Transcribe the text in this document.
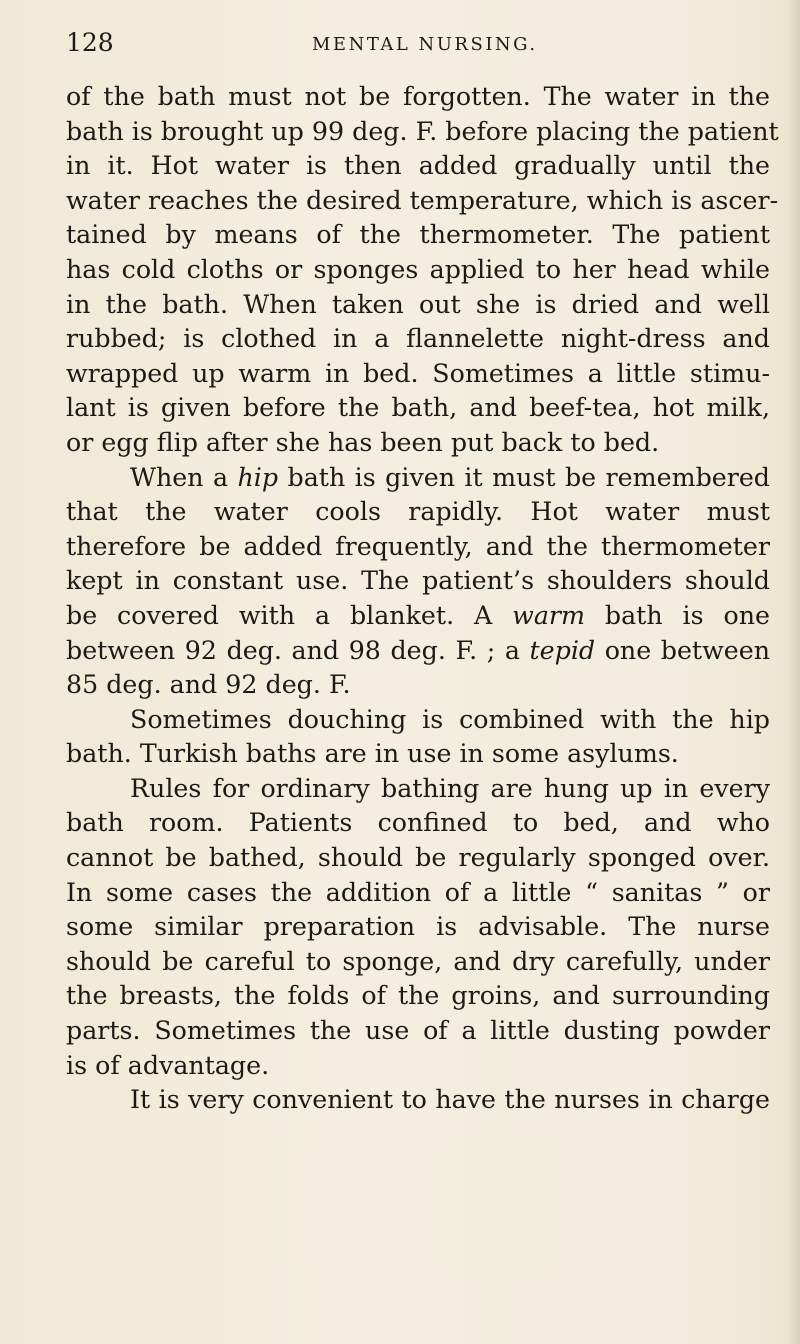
128	MENTAL NURSING.
of the bath must not be forgotten. The water in the
bath is brought up 99 deg. F. before placing the patient
in it. Hot water is then added gradually until the
water reaches the desired temperature, which is ascer-
tained by means of the thermometer. The patient
has cold cloths or sponges applied to her head while
in the bath. When taken out she is dried and well
rubbed; is clothed in a flannelette night-dress and
wrapped up warm in bed. Sometimes a little stimu-
lant is given before the bath, and beef-tea, hot milk,
or egg flip after she has been put back to bed.
When a hip bath is given it must be remembered
that the water cools rapidly. Hot water must
therefore be added frequently, and the thermometer
kept in constant use. The patient’s shoulders should
be covered with a blanket. A warm bath is one
between 92 deg. and 98 deg. F. ; a tepid one between
85 deg. and 92 deg. F.
Sometimes douching is combined with the hip
bath. Turkish baths are in use in some asylums.
Rules for ordinary bathing are hung up in every
bath room. Patients confined to bed, and who
cannot be bathed, should be regularly sponged over.
In some cases the addition of a little “ sanitas ” or
some similar preparation is advisable. The nurse
should be careful to sponge, and dry carefully, under
the breasts, the folds of the groins, and surrounding
parts. Sometimes the use of a little dusting powder
is of advantage.
It is very convenient to have the nurses in charge
